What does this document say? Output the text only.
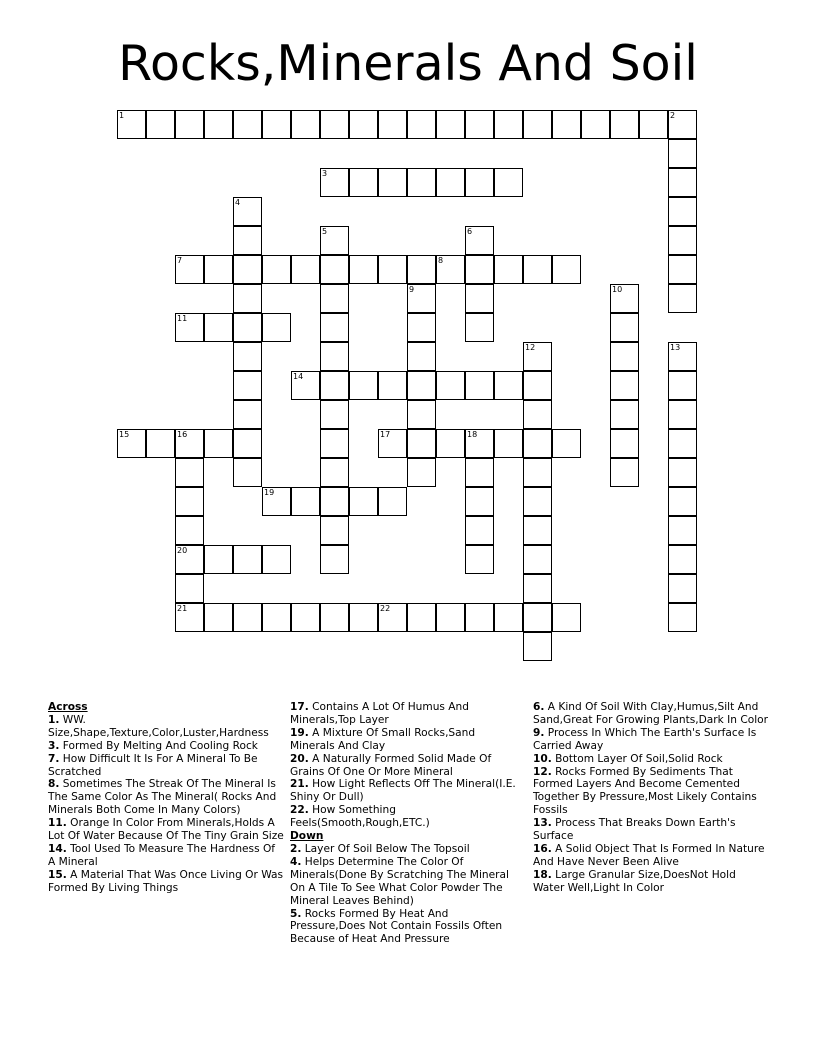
Rocks,Minerals And Soil
1	2
3
4
5	6
7	8
9	10
11
12	13
14
15	16
20
21
17	18
19
22

Across

1. WW. Size,Shape,Texture,Color,Luster,Hardness

3. Formed By Melting And Cooling Rock

7. How Difficult It Is For A Mineral To Be Scratched

8. Sometimes The Streak Of The Mineral Is The Same Color As The Mineral( Rocks And Minerals Both Come In Many Colors)

11. Orange In Color From Minerals,Holds A Lot Of Water Because Of The Tiny Grain Size

14. Tool Used To Measure The Hardness Of A Mineral

15. A Material That Was Once Living Or Was Formed By Living Things

17. Contains A Lot Of Humus And Minerals,Top Layer

19. A Mixture Of Small Rocks,Sand Minerals And Clay

20. A Naturally Formed Solid Made Of Grains Of One Or More Mineral

21. How Light Reflects Off The Mineral(I.E. Shiny Or Dull)

22. How Something Feels(Smooth,Rough,ETC.)

Down

2. Layer Of Soil Below The Topsoil

4. Helps Determine The Color Of Minerals(Done By Scratching The Mineral On A Tile To See What Color Powder The Mineral Leaves Behind)

5. Rocks Formed By Heat And Pressure,Does Not Contain Fossils Often Because of Heat And Pressure

6. A Kind Of Soil With Clay,Humus,Silt And Sand,Great For Growing Plants,Dark In Color

9. Process In Which The Earth's Surface Is Carried Away

10. Bottom Layer Of Soil,Solid Rock

12. Rocks Formed By Sediments That Formed Layers And Become Cemented Together By Pressure,Most Likely Contains Fossils

13. Process That Breaks Down Earth's Surface

16. A Solid Object That Is Formed In Nature And Have Never Been Alive

18. Large Granular Size,DoesNot Hold Water Well,Light In Color
